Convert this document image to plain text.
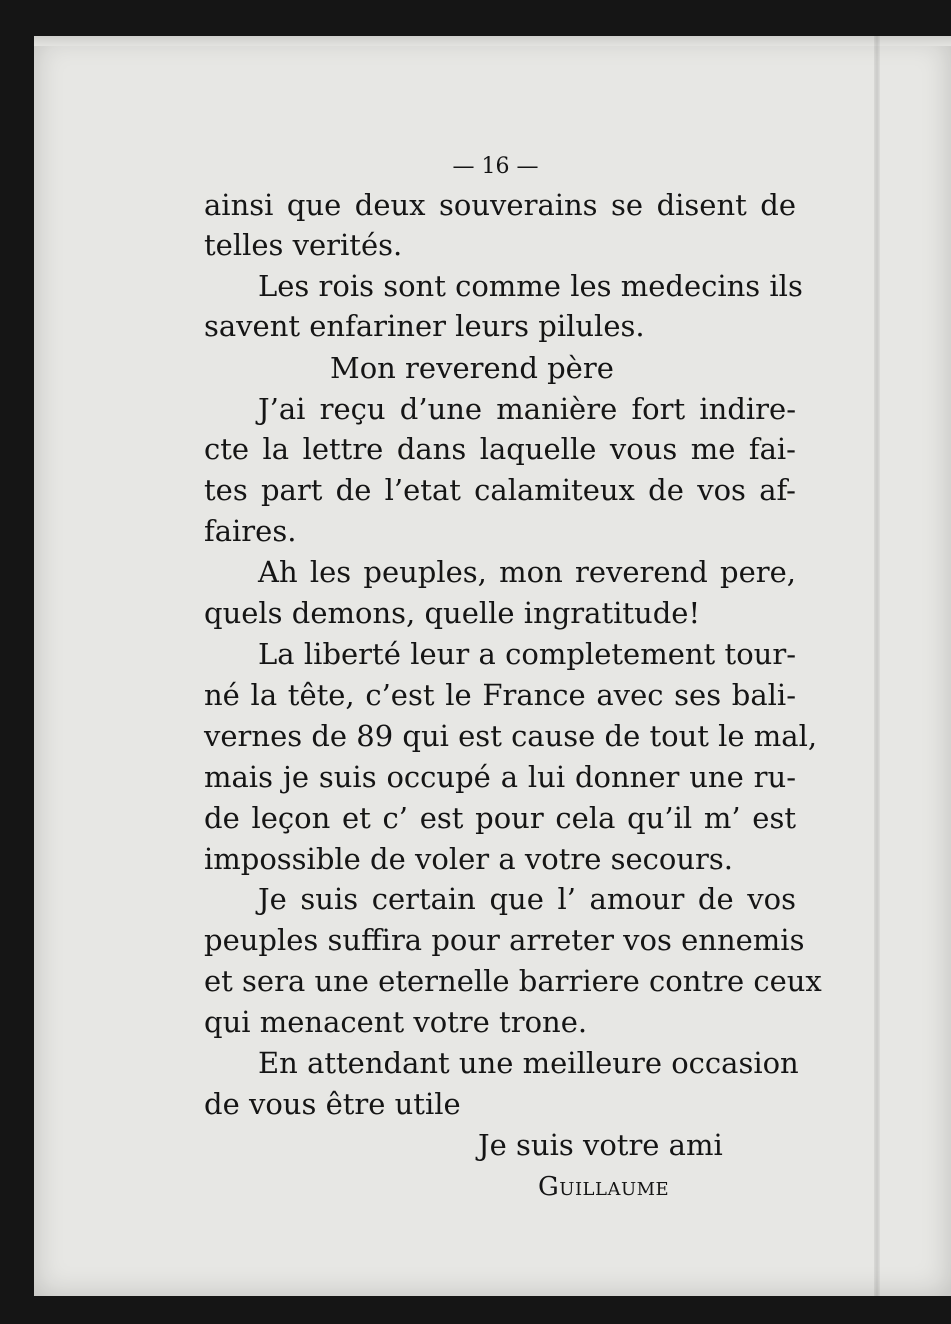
— 16 —
ainsi que deux souverains se disent de
telles verités.
Les rois sont comme les medecins ils
savent enfariner leurs pilules.
Mon reverend père
J’ai reçu d’une manière fort indire-
cte la lettre dans laquelle vous me fai-
tes part de l’etat calamiteux de vos af-
faires.
Ah les peuples, mon reverend pere,
quels demons, quelle ingratitude!
La liberté leur a completement tour-
né la tête, c’est le France avec ses bali-
vernes de 89 qui est cause de tout le mal,
mais je suis occupé a lui donner une ru-
de leçon et c’ est pour cela qu’il m’ est
impossible de voler a votre secours.
Je suis certain que l’ amour de vos
peuples suffira pour arreter vos ennemis
et sera une eternelle barriere contre ceux
qui menacent votre trone.
En attendant une meilleure occasion
de vous être utile
Je suis votre ami
Guillaume
